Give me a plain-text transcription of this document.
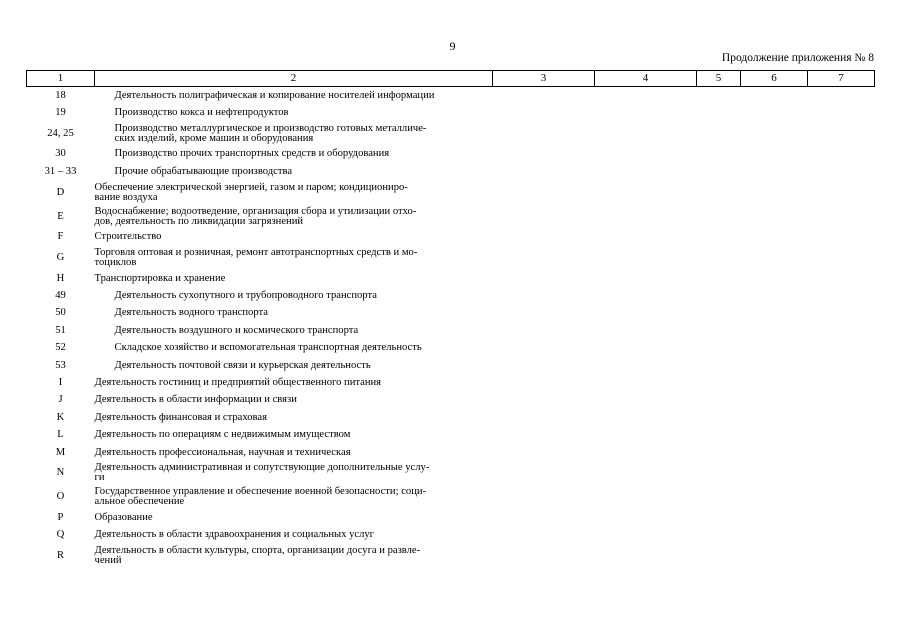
9
Продолжение приложения № 8
1	2	3	4	5	6	7
18	Деятельность полиграфическая и копирование носителей информации					
19	Производство кокса и нефтепродуктов					
24, 25	Производство металлургическое и производство готовых металличе-
ских изделий, кроме машин и оборудования					
30	Производство прочих транспортных средств и оборудования					
31 – 33	Прочие обрабатывающие производства					
D	Обеспечение электрической энергией, газом и паром; кондициониро-
вание воздуха					
E	Водоснабжение; водоотведение, организация сбора и утилизации отхо-
дов, деятельность по ликвидации загрязнений					
F	Строительство					
G	Торговля оптовая и розничная, ремонт автотранспортных средств и мо-
тоциклов					
H	Транспортировка и хранение					
49	Деятельность сухопутного и трубопроводного транспорта					
50	Деятельность водного транспорта					
51	Деятельность воздушного и космического транспорта					
52	Складское хозяйство и вспомогательная транспортная деятельность					
53	Деятельность почтовой связи и курьерская деятельность					
I	Деятельность гостиниц и предприятий общественного питания					
J	Деятельность в области информации и связи					
K	Деятельность финансовая и страховая					
L	Деятельность по операциям с недвижимым имуществом					
M	Деятельность профессиональная, научная и техническая					
N	Деятельность административная и сопутствующие дополнительные услу-
ги					
O	Государственное управление и обеспечение военной безопасности; соци-
альное обеспечение					
P	Образование					
Q	Деятельность в области здравоохранения и социальных услуг					
R	Деятельность в области культуры, спорта, организации досуга и развле-
чений					
